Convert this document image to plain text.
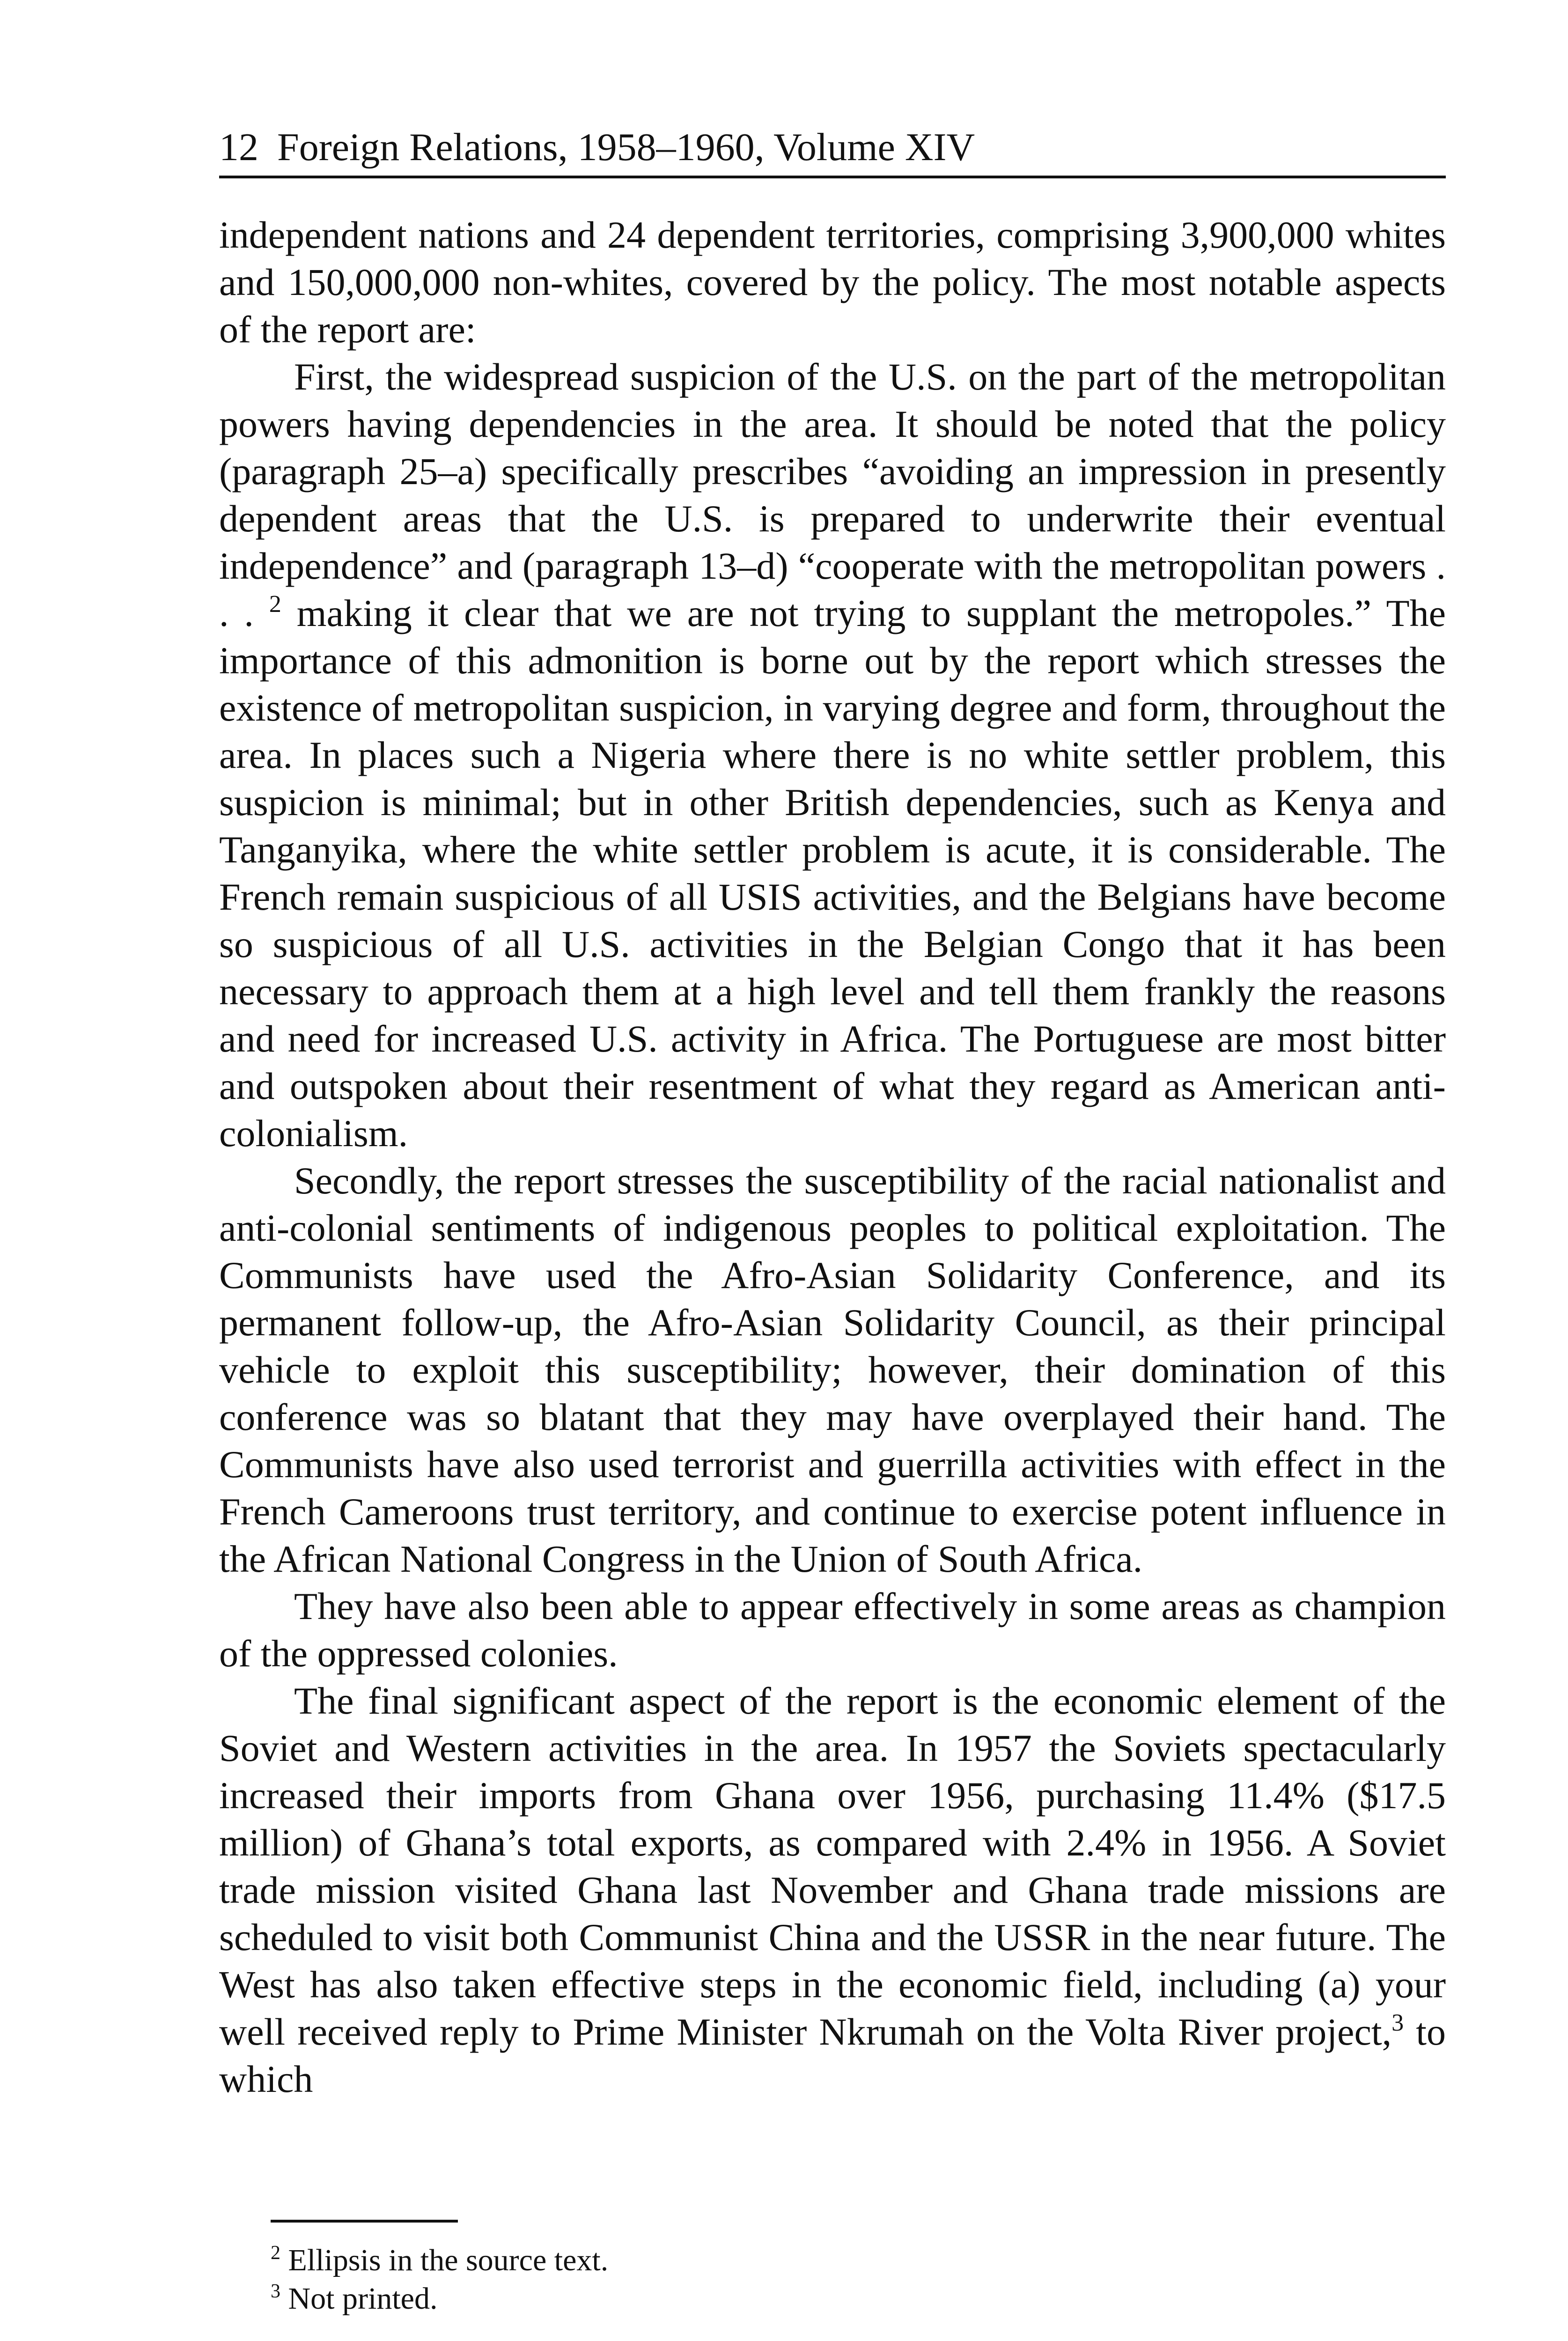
12 Foreign Relations, 1958–1960, Volume XIV

independent nations and 24 dependent territories, comprising 3,900,000 whites and 150,000,000 non-whites, covered by the policy. The most notable aspects of the report are:

First, the widespread suspicion of the U.S. on the part of the metropolitan powers having dependencies in the area. It should be noted that the policy (paragraph 25–a) specifically prescribes “avoiding an impression in presently dependent areas that the U.S. is prepared to underwrite their eventual independence” and (paragraph 13–d) “cooperate with the metropolitan powers . . . $^2$ making it clear that we are not trying to supplant the metropoles.” The importance of this admonition is borne out by the report which stresses the existence of metropolitan suspicion, in varying degree and form, throughout the area. In places such a Nigeria where there is no white settler problem, this suspicion is minimal; but in other British dependencies, such as Kenya and Tanganyika, where the white settler problem is acute, it is considerable. The French remain suspicious of all USIS activities, and the Belgians have become so suspicious of all U.S. activities in the Belgian Congo that it has been necessary to approach them at a high level and tell them frankly the reasons and need for increased U.S. activity in Africa. The Portuguese are most bitter and outspoken about their resentment of what they regard as American anti-colonialism.

Secondly, the report stresses the susceptibility of the racial nationalist and anti-colonial sentiments of indigenous peoples to political exploitation. The Communists have used the Afro-Asian Solidarity Conference, and its permanent follow-up, the Afro-Asian Solidarity Council, as their principal vehicle to exploit this susceptibility; however, their domination of this conference was so blatant that they may have overplayed their hand. The Communists have also used terrorist and guerrilla activities with effect in the French Cameroons trust territory, and continue to exercise potent influence in the African National Congress in the Union of South Africa.

They have also been able to appear effectively in some areas as champion of the oppressed colonies.

The final significant aspect of the report is the economic element of the Soviet and Western activities in the area. In 1957 the Soviets spectacularly increased their imports from Ghana over 1956, purchasing 11.4% ($17.5 million) of Ghana’s total exports, as compared with 2.4% in 1956. A Soviet trade mission visited Ghana last November and Ghana trade missions are scheduled to visit both Communist China and the USSR in the near future. The West has also taken effective steps in the economic field, including (a) your well received reply to Prime Minister Nkrumah on the Volta River project,$^3$ to which

$^2$ Ellipsis in the source text.
$^3$ Not printed.
